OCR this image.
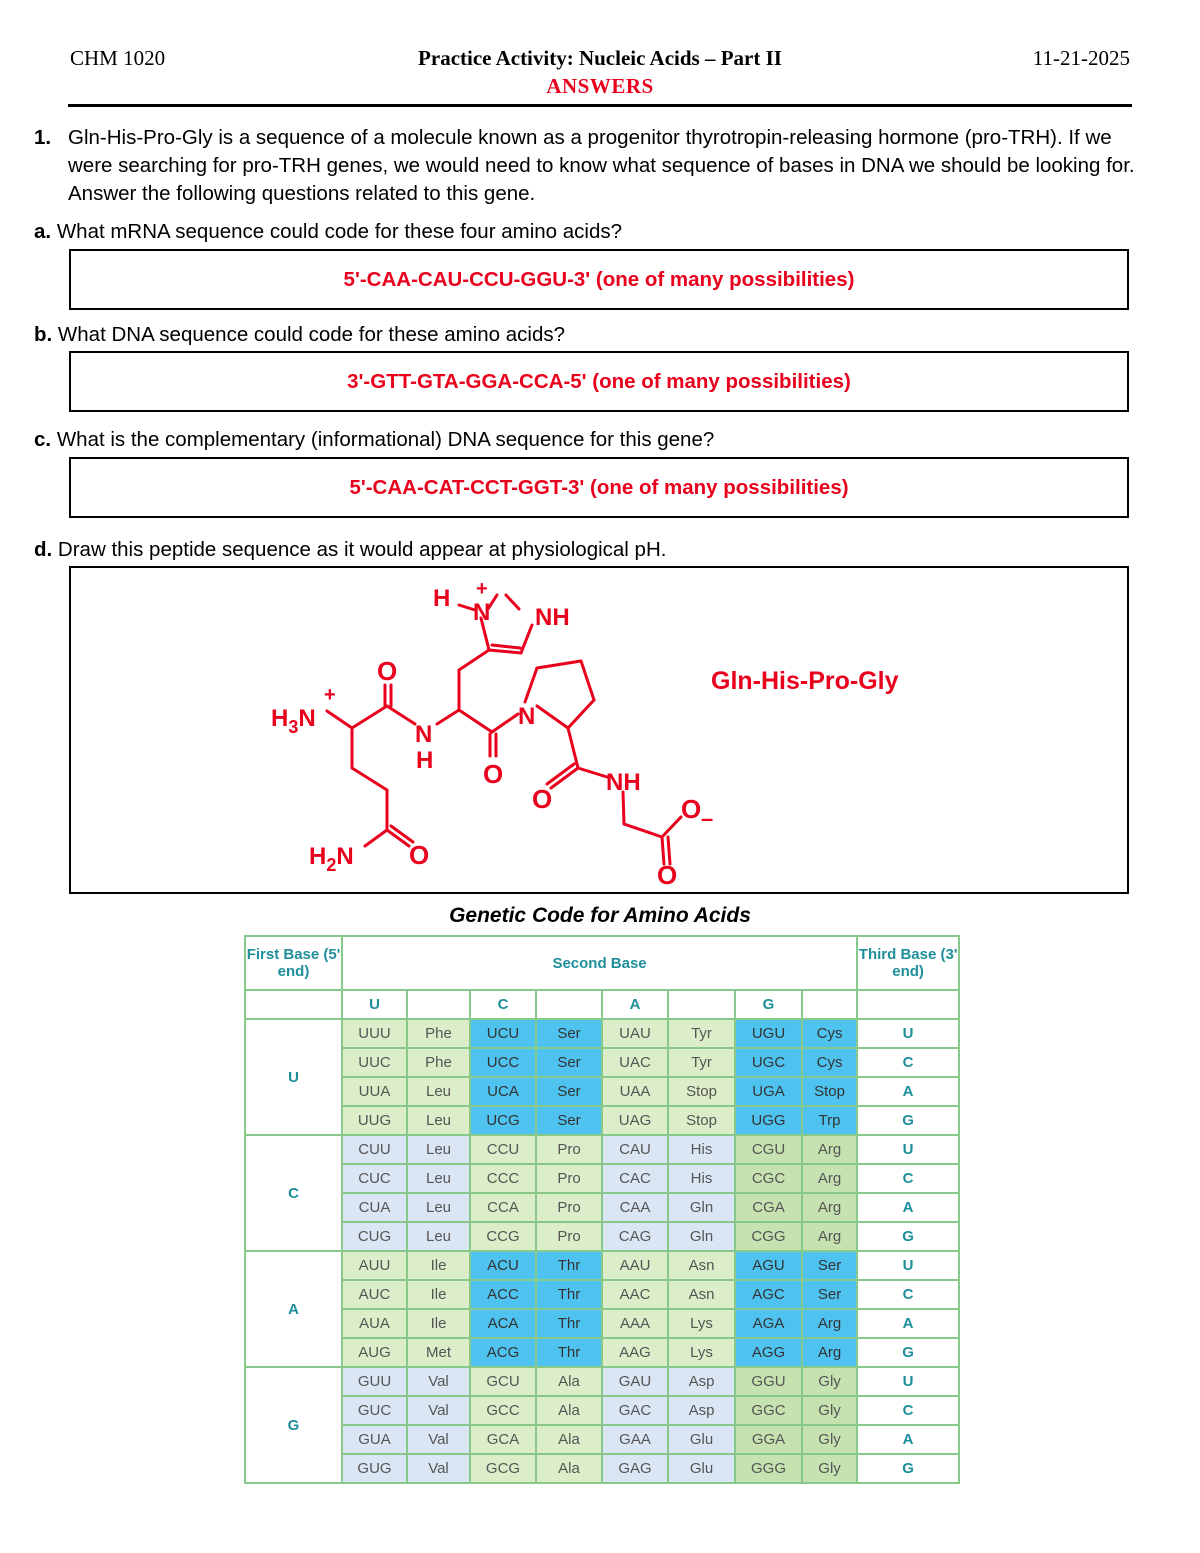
CHM 1020	Practice Activity: Nucleic Acids – Part II
ANSWERS
11-21-2025
1. Gln-His-Pro-Gly is a sequence of a molecule known as a progenitor thyrotropin-releasing hormone (pro-TRH). If we were searching for pro-TRH genes, we would need to know what sequence of bases in DNA we should be looking for. Answer the following questions related to this gene.
a. What mRNA sequence could code for these four amino acids?
5'-CAA-CAU-CCU-GGU-3' (one of many possibilities)
b. What DNA sequence could code for these amino acids?
3'-GTT-GTA-GGA-CCA-5' (one of many possibilities)
c. What is the complementary (informational) DNA sequence for this gene?
5'-CAA-CAT-CCT-GGT-3' (one of many possibilities)
d. Draw this peptide sequence as it would appear at physiological pH.
$H_3N$
+
O
N
H O
N
H
N
+
NH
O
NH
O –
O
$H_2N$ O
Gln-His-Pro-Gly
Genetic Code for Amino Acids
First Base (5' end)	Second Base								Third Base (3' end)
	U		C		A		G		
U	UUU	Phe	UCU	Ser	UAU	Tyr	UGU	Cys	U
	UUC	Phe	UCC	Ser	UAC	Tyr	UGC	Cys	C
	UUA	Leu	UCA	Ser	UAA	Stop	UGA	Stop	A
	UUG	Leu	UCG	Ser	UAG	Stop	UGG	Trp	G
C	CUU	Leu	CCU	Pro	CAU	His	CGU	Arg	U
	CUC	Leu	CCC	Pro	CAC	His	CGC	Arg	C
	CUA	Leu	CCA	Pro	CAA	Gln	CGA	Arg	A
	CUG	Leu	CCG	Pro	CAG	Gln	CGG	Arg	G
A	AUU	Ile	ACU	Thr	AAU	Asn	AGU	Ser	U
	AUC	Ile	ACC	Thr	AAC	Asn	AGC	Ser	C
	AUA	Ile	ACA	Thr	AAA	Lys	AGA	Arg	A
	AUG	Met	ACG	Thr	AAG	Lys	AGG	Arg	G
G	GUU	Val	GCU	Ala	GAU	Asp	GGU	Gly	U
	GUC	Val	GCC	Ala	GAC	Asp	GGC	Gly	C
	GUA	Val	GCA	Ala	GAA	Glu	GGA	Gly	A
	GUG	Val	GCG	Ala	GAG	Glu	GGG	Gly	G
